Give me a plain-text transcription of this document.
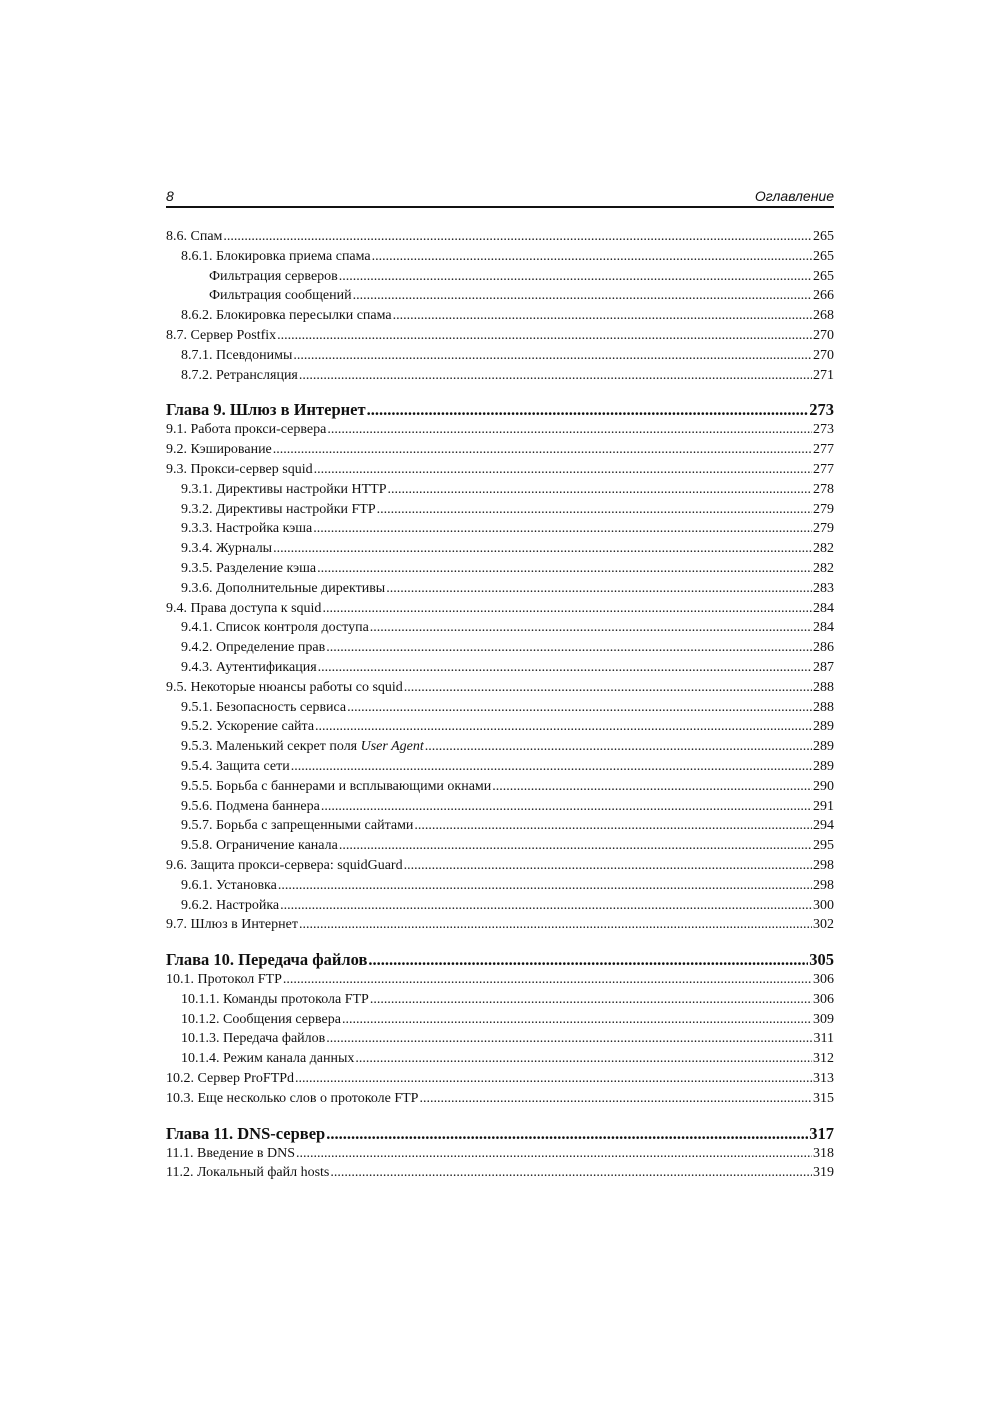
8	Оглавление
8.6. Спам .....	265
8.6.1. Блокировка приема спама .....	265
Фильтрация серверов .....	265
Фильтрация сообщений .....	266
8.6.2. Блокировка пересылки спама .....	268
8.7. Сервер Postfix .....	270
8.7.1. Псевдонимы .....	270
8.7.2. Ретрансляция .....	271
Глава 9. Шлюз в Интернет .....	273
9.1. Работа прокси-сервера .....	273
9.2. Кэширование .....	277
9.3. Прокси-сервер squid .....	277
9.3.1. Директивы настройки HTTP .....	278
9.3.2. Директивы настройки FTP .....	279
9.3.3. Настройка кэша .....	279
9.3.4. Журналы .....	282
9.3.5. Разделение кэша .....	282
9.3.6. Дополнительные директивы .....	283
9.4. Права доступа к squid .....	284
9.4.1. Список контроля доступа .....	284
9.4.2. Определение прав .....	286
9.4.3. Аутентификация .....	287
9.5. Некоторые нюансы работы со squid .....	288
9.5.1. Безопасность сервиса .....	288
9.5.2. Ускорение сайта .....	289
9.5.3. Маленький секрет поля User Agent .....	289
9.5.4. Защита сети .....	289
9.5.5. Борьба с баннерами и всплывающими окнами .....	290
9.5.6. Подмена баннера .....	291
9.5.7. Борьба с запрещенными сайтами .....	294
9.5.8. Ограничение канала .....	295
9.6. Защита прокси-сервера: squidGuard .....	298
9.6.1. Установка .....	298
9.6.2. Настройка .....	300
9.7. Шлюз в Интернет .....	302
Глава 10. Передача файлов .....	305
10.1. Протокол FTP .....	306
10.1.1. Команды протокола FTP .....	306
10.1.2. Сообщения сервера .....	309
10.1.3. Передача файлов .....	311
10.1.4. Режим канала данных .....	312
10.2. Сервер ProFTPd .....	313
10.3. Еще несколько слов о протоколе FTP .....	315
Глава 11. DNS-сервер .....	317
11.1. Введение в DNS .....	318
11.2. Локальный файл hosts .....	319
